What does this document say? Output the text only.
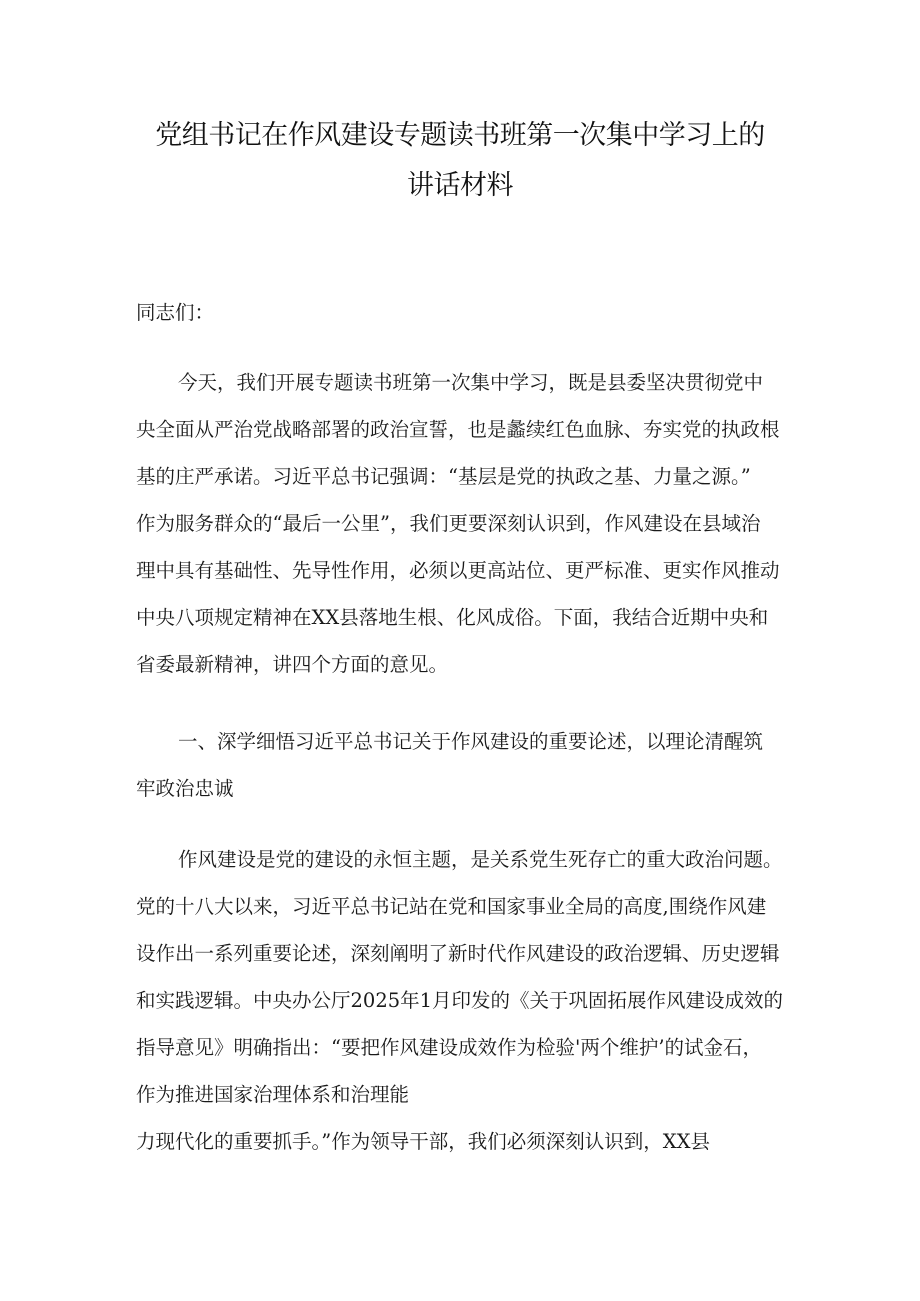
党组书记在作风建设专题读书班第一次集中学习上的
讲话材料

同志们：

今天，我们开展专题读书班第一次集中学习，既是县委坚决贯彻党中

央全面从严治党战略部署的政治宣誓，也是蠡续红色血脉、夯实党的执政根

基的庄严承诺。习近平总书记强调：“基层是党的执政之基、力量之源。”

作为服务群众的“最后一公里”，我们更要深刻认识到，作风建设在县域治

理中具有基础性、先导性作用，必须以更高站位、更严标准、更实作风推动

中央八项规定精神在XX县落地生根、化风成俗。下面，我结合近期中央和

省委最新精神，讲四个方面的意见。

一、深学细悟习近平总书记关于作风建设的重要论述，以理论清醒筑

牢政治忠诚

作风建设是党的建设的永恒主题，是关系党生死存亡的重大政治问题。

党的十八大以来，习近平总书记站在党和国家事业全局的高度,围绕作风建

设作出一系列重要论述，深刻阐明了新时代作风建设的政治逻辑、历史逻辑

和实践逻辑。中央办公厅2025年1月印发的《关于巩固拓展作风建设成效的

指导意见》明确指出：“要把作风建设成效作为检验'两个维护’的试金石，

作为推进国家治理体系和治理能

力现代化的重要抓手。”作为领导干部，我们必须深刻认识到，XX县
